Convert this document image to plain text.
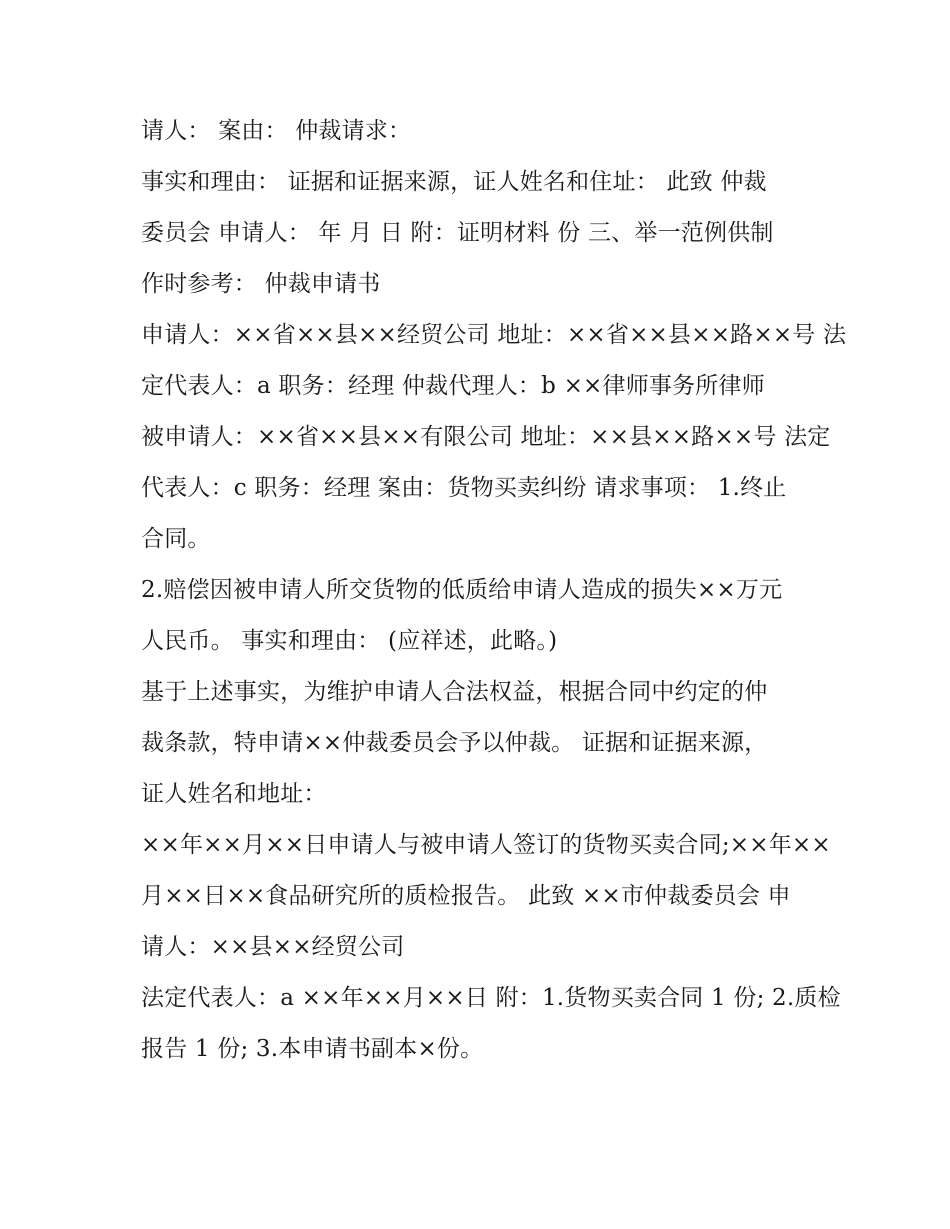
请人： 案由： 仲裁请求：
事实和理由： 证据和证据来源，证人姓名和住址： 此致 仲裁
委员会 申请人： 年 月 日 附：证明材料 份 三、举一范例供制
作时参考： 仲裁申请书
申请人：××省××县××经贸公司 地址：××省××县××路××号 法
定代表人：a 职务：经理 仲裁代理人：b ××律师事务所律师
被申请人：××省××县××有限公司 地址：××县××路××号 法定
代表人：c 职务：经理 案由：货物买卖纠纷 请求事项： 1.终止
合同。
2.赔偿因被申请人所交货物的低质给申请人造成的损失××万元
人民币。 事实和理由： (应祥述，此略。)
基于上述事实，为维护申请人合法权益，根据合同中约定的仲
裁条款，特申请××仲裁委员会予以仲裁。 证据和证据来源，
证人姓名和地址：
××年××月××日申请人与被申请人签订的货物买卖合同;××年××
月××日××食品研究所的质检报告。 此致 ××市仲裁委员会 申
请人：××县××经贸公司
法定代表人：a ××年××月××日 附：1.货物买卖合同 1 份; 2.质检
报告 1 份; 3.本申请书副本×份。
